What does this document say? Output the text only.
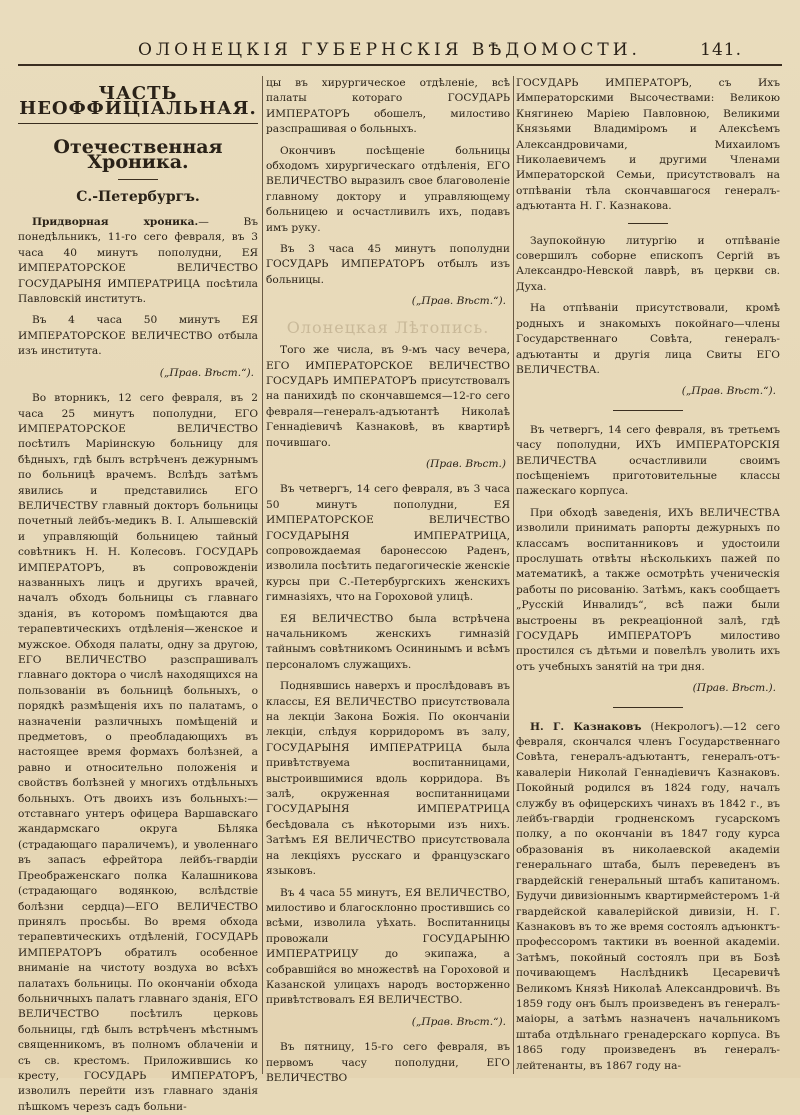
ОЛОНЕЦКІЯ ГУБЕРНСКІЯ ВѢДОМОСТИ.	141.
ЧАСТЬ НЕОФФИЦІАЛЬНАЯ.
Отечественная Хроника.
С.-Петербургъ.

Придворная хроника.— Въ понедѣльникъ, 11-го сего февраля, въ 3 часа 40 минутъ пополудни, ЕЯ ИМПЕРАТОРСКОЕ ВЕЛИЧЕСТВО ГОСУДАРЫНЯ ИМПЕРАТРИЦА посѣтила Павловскій институтъ.

Въ 4 часа 50 минутъ ЕЯ ИМПЕРАТОРСКОЕ ВЕЛИЧЕСТВО отбыла изъ института.

(„Прав. Вѣст.“).

Во вторникъ, 12 сего февраля, въ 2 часа 25 минутъ пополудни, ЕГО ИМПЕРАТОРСКОЕ ВЕЛИЧЕСТВО посѣтилъ Маріинскую больницу для бѣдныхъ, гдѣ былъ встрѣченъ дежурнымъ по больницѣ врачемъ. Вслѣдъ затѣмъ явились и представились ЕГО ВЕЛИЧЕСТВУ главный докторъ больницы почетный лейбъ-медикъ В. І. Алышевскій и управляющій больницею тайный совѣтникъ Н. Н. Колесовъ. ГОСУДАРЬ ИМПЕРАТОРЪ, въ сопровожденіи названныхъ лицъ и другихъ врачей, началъ обходъ больницы съ главнаго зданія, въ которомъ помѣщаются два терапевтическихъ отдѣленія—женское и мужское. Обходя палаты, одну за другою, ЕГО ВЕЛИЧЕСТВО разспрашивалъ главнаго доктора о числѣ находящихся на пользованіи въ больницѣ больныхъ, о порядкѣ размѣщенія ихъ по палатамъ, о назначеніи различныхъ помѣщеній и предметовъ, о преобладающихъ въ настоящее время формахъ болѣзней, а равно и относительно положенія и свойствъ болѣзней у многихъ отдѣльныхъ больныхъ. Отъ двоихъ изъ больныхъ:—отставнаго унтеръ офицера Варшавскаго жандармскаго округа Бѣляка (страдающаго параличемъ), и уволеннаго въ запасъ ефрейтора лейбъ-гвардіи Преображенскаго полка Калашникова (страдающаго водянкою, вслѣдствіе болѣзни сердца)—ЕГО ВЕЛИЧЕСТВО принялъ просьбы. Во время обхода терапевтическихъ отдѣленій, ГОСУДАРЬ ИМПЕРАТОРЪ обратилъ особенное вниманіе на чистоту воздуха во всѣхъ палатахъ больницы. По окончаніи обхода больничныхъ палатъ главнаго зданія, ЕГО ВЕЛИЧЕСТВО посѣтилъ церковь больницы, гдѣ былъ встрѣченъ мѣстнымъ священникомъ, въ полномъ облаченіи и съ св. крестомъ. Приложившись ко кресту, ГОСУДАРЬ ИМПЕРАТОРЪ, изволилъ перейти изъ главнаго зданія пѣшкомъ черезъ садъ больни-

цы въ хирургическое отдѣленіе, всѣ палаты котораго ГОСУДАРЬ ИМПЕРАТОРЪ обошелъ, милостиво разспрашивая о больныхъ.

Окончивъ посѣщеніе больницы обходомъ хирургическаго отдѣленія, ЕГО ВЕЛИЧЕСТВО выразилъ свое благоволеніе главному доктору и управляющему больницею и осчастливилъ ихъ, подавъ имъ руку.

Въ 3 часа 45 минутъ пополудни ГОСУДАРЬ ИМПЕРАТОРЪ отбылъ изъ больницы.

(„Прав. Вѣст.“).
Олонецкая Лѣтопись.

Того же числа, въ 9-мъ часу вечера, ЕГО ИМПЕРАТОРСКОЕ ВЕЛИЧЕСТВО ГОСУДАРЬ ИМПЕРАТОРЪ присутствовалъ на панихидѣ по скончавшемся—12-го сего февраля—генералъ-адъютантѣ Николаѣ Геннадіевичѣ Казнаковѣ, въ квартирѣ почившаго.

(Прав. Вѣст.)

Въ четвергъ, 14 сего февраля, въ 3 часа 50 минутъ пополудни, ЕЯ ИМПЕРАТОРСКОЕ ВЕЛИЧЕСТВО ГОСУДАРЫНЯ ИМПЕРАТРИЦА, сопровождаемая баронессою Раденъ, изволила посѣтить педагогическіе женскіе курсы при С.-Петербургскихъ женскихъ гимназіяхъ, что на Гороховой улицѣ.

ЕЯ ВЕЛИЧЕСТВО была встрѣчена начальникомъ женскихъ гимназій тайнымъ совѣтникомъ Осининымъ и всѣмъ персоналомъ служащихъ.

Поднявшись наверхъ и прослѣдовавъ въ классы, ЕЯ ВЕЛИЧЕСТВО присутствовала на лекціи Закона Божія. По окончаніи лекціи, слѣдуя корридоромъ въ залу, ГОСУДАРЫНЯ ИМПЕРАТРИЦА была привѣтствуема воспитанницами, выстроившимися вдоль корридора. Въ залѣ, окруженная воспитанницами ГОСУДАРЫНЯ ИМПЕРАТРИЦА бесѣдовала съ нѣкоторыми изъ нихъ. Затѣмъ ЕЯ ВЕЛИЧЕСТВО присутствовала на лекціяхъ русскаго и французскаго языковъ.

Въ 4 часа 55 минутъ, ЕЯ ВЕЛИЧЕСТВО, милостиво и благосклонно простившись со всѣми, изволила уѣхать. Воспитанницы провожали ГОСУДАРЫНЮ ИМПЕРАТРИЦУ до экипажа, а собравшійся во множествѣ на Гороховой и Казанской улицахъ народъ восторженно привѣтствовалъ ЕЯ ВЕЛИЧЕСТВО.

(„Прав. Вѣст.“).

Въ пятницу, 15-го сего февраля, въ первомъ часу пополудни, ЕГО ВЕЛИЧЕСТВО

ГОСУДАРЬ ИМПЕРАТОРЪ, съ Ихъ Императорскими Высочествами: Великою Княгинею Маріею Павловною, Великими Князьями Владиміромъ и Алексѣемъ Александровичами, Михаиломъ Николаевичемъ и другими Членами Императорской Семьи, присутствовалъ на отпѣваніи тѣла скончавшагося генералъ-адъютанта Н. Г. Казнакова.

Заупокойную литургію и отпѣваніе совершилъ соборне епископъ Сергій въ Александро-Невской лаврѣ, въ церкви св. Духа.

На отпѣваніи присутствовали, кромѣ родныхъ и знакомыхъ покойнаго—члены Государственнаго Совѣта, генералъ-адъютанты и другія лица Свиты ЕГО ВЕЛИЧЕСТВА.

(„Прав. Вѣст.“).

Въ четвергъ, 14 сего февраля, въ третьемъ часу пополудни, ИХЪ ИМПЕРАТОРСКІЯ ВЕЛИЧЕСТВА осчастливили своимъ посѣщеніемъ приготовительные классы пажескаго корпуса.

При обходѣ заведенія, ИХЪ ВЕЛИЧЕСТВА изволили принимать рапорты дежурныхъ по классамъ воспитанниковъ и удостоили прослушать отвѣты нѣсколькихъ пажей по математикѣ, а также осмотрѣть ученическія работы по рисованію. Затѣмъ, какъ сообщаетъ „Русскій Инвалидъ“, всѣ пажи были выстроены въ рекреаціонной залѣ, гдѣ ГОСУДАРЬ ИМПЕРАТОРЪ милостиво простился съ дѣтьми и повелѣлъ уволить ихъ отъ учебныхъ занятій на три дня.

(Прав. Вѣст.).

Н. Г. Казнаковъ (Некрологъ).—12 сего февраля, скончался членъ Государственнаго Совѣта, генералъ-адъютантъ, генералъ-отъ-кавалеріи Николай Геннадіевичъ Казнаковъ. Покойный родился въ 1824 году, началъ службу въ офицерскихъ чинахъ въ 1842 г., въ лейбъ-гвардіи гродненскомъ гусарскомъ полку, а по окончаніи въ 1847 году курса образованія въ николаевской академіи генеральнаго штаба, былъ переведенъ въ гвардейскій генеральный штабъ капитаномъ. Будучи дивизіоннымъ квартирмейстеромъ 1-й гвардейской кавалерійской дивизіи, Н. Г. Казнаковъ въ то же время состоялъ адъюнктъ-профессоромъ тактики въ военной академіи. Затѣмъ, покойный состоялъ при въ Бозѣ почивающемъ Наслѣдникѣ Цесаревичѣ Великомъ Князѣ Николаѣ Александровичѣ. Въ 1859 году онъ былъ произведенъ въ генералъ-маіоры, а затѣмъ назначенъ начальникомъ штаба отдѣльнаго гренадерскаго корпуса. Въ 1865 году произведенъ въ генералъ-лейтенанты, въ 1867 году на-
